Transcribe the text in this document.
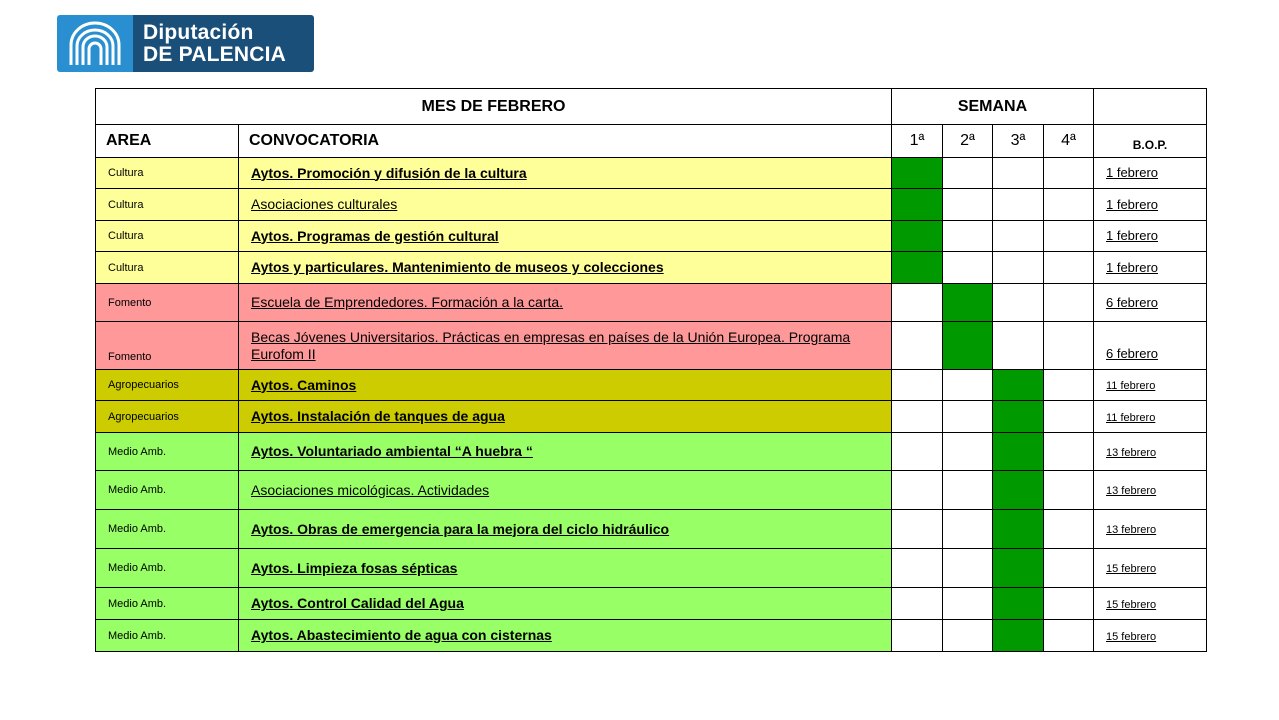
Diputación
DE PALENCIA
MES DE FEBRERO		SEMANA				
AREA	CONVOCATORIA	1ª	2ª	3ª	4ª	B.O.P.
Cultura	Aytos. Promoción y difusión de la cultura					1 febrero
Cultura	Asociaciones culturales					1 febrero
Cultura	Aytos. Programas de gestión cultural					1 febrero
Cultura	Aytos y particulares. Mantenimiento de museos y colecciones					1 febrero
Fomento	Escuela de Emprendedores. Formación a la carta.					6 febrero
Fomento	Becas Jóvenes Universitarios. Prácticas en empresas en países de la Unión Europea. Programa Eurofom II					6 febrero
Agropecuarios	Aytos. Caminos					11 febrero
Agropecuarios	Aytos. Instalación de tanques de agua					11 febrero
Medio Amb.	Aytos. Voluntariado ambiental “A huebra “					13 febrero
Medio Amb.	Asociaciones micológicas. Actividades					13 febrero
Medio Amb.	Aytos. Obras de emergencia para la mejora del ciclo hidráulico					13 febrero
Medio Amb.	Aytos. Limpieza fosas sépticas					15 febrero
Medio Amb.	Aytos. Control Calidad del Agua					15 febrero
Medio Amb.	Aytos. Abastecimiento de agua con cisternas					15 febrero
